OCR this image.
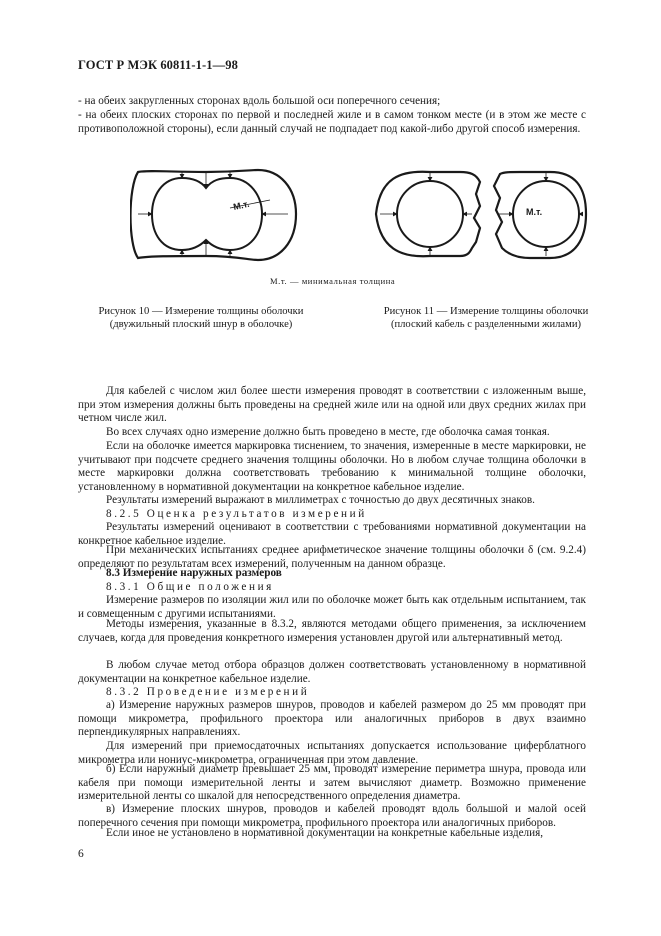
ГОСТ Р МЭК 60811-1-1—98

- на обеих закругленных сторонах вдоль большой оси поперечного сечения;

- на обеих плоских сторонах по первой и последней жиле и в самом тонком месте (и в этом же месте с противоположной стороны), если данный случай не подпадает под какой-либо другой способ измерения.

М.т.
М.т.
М.т. — минимальная толщина
Рисунок 10 — Измерение толщины оболочки
(двужильный плоский шнур в оболочке)
Рисунок 11 — Измерение толщины оболочки
(плоский кабель с разделенными жилами)

Для кабелей с числом жил более шести измерения проводят в соответствии с изложенным выше, при этом измерения должны быть проведены на средней жиле или на одной или двух средних жилах при четном числе жил.

Во всех случаях одно измерение должно быть проведено в месте, где оболочка самая тонкая.

Если на оболочке имеется маркировка тиснением, то значения, измеренные в месте маркировки, не учитывают при подсчете среднего значения толщины оболочки. Но в любом случае толщина оболочки в месте маркировки должна соответствовать требованию к минимальной толщине оболочки, установленному в нормативной документации на конкретное кабельное изделие.

Результаты измерений выражают в миллиметрах с точностью до двух десятичных знаков.

8.2.5 Оценка результатов измерений

Результаты измерений оценивают в соответствии с требованиями нормативной документации на конкретное кабельное изделие.

При механических испытаниях среднее арифметическое значение толщины оболочки δ (см. 9.2.4) определяют по результатам всех измерений, полученным на данном образце.

8.3 Измерение наружных размеров

8.3.1 Общие положения

Измерение размеров по изоляции жил или по оболочке может быть как отдельным испытанием, так и совмещенным с другими испытаниями.

Методы измерения, указанные в 8.3.2, являются методами общего применения, за исключением случаев, когда для проведения конкретного измерения установлен другой или альтернативный метод.

В любом случае метод отбора образцов должен соответствовать установленному в нормативной документации на конкретное кабельное изделие.

8.3.2 Проведение измерений

а) Измерение наружных размеров шнуров, проводов и кабелей размером до 25 мм проводят при помощи микрометра, профильного проектора или аналогичных приборов в двух взаимно перпендикулярных направлениях.

Для измерений при приемосдаточных испытаниях допускается использование циферблатного микрометра или нониус-микрометра, ограниченная при этом давление.

б) Если наружный диаметр превышает 25 мм, проводят измерение периметра шнура, провода или кабеля при помощи измерительной ленты и затем вычисляют диаметр. Возможно применение измерительной ленты со шкалой для непосредственного определения диаметра.

в) Измерение плоских шнуров, проводов и кабелей проводят вдоль большой и малой осей поперечного сечения при помощи микрометра, профильного проектора или аналогичных приборов.

Если иное не установлено в нормативной документации на конкретные кабельные изделия,

6
